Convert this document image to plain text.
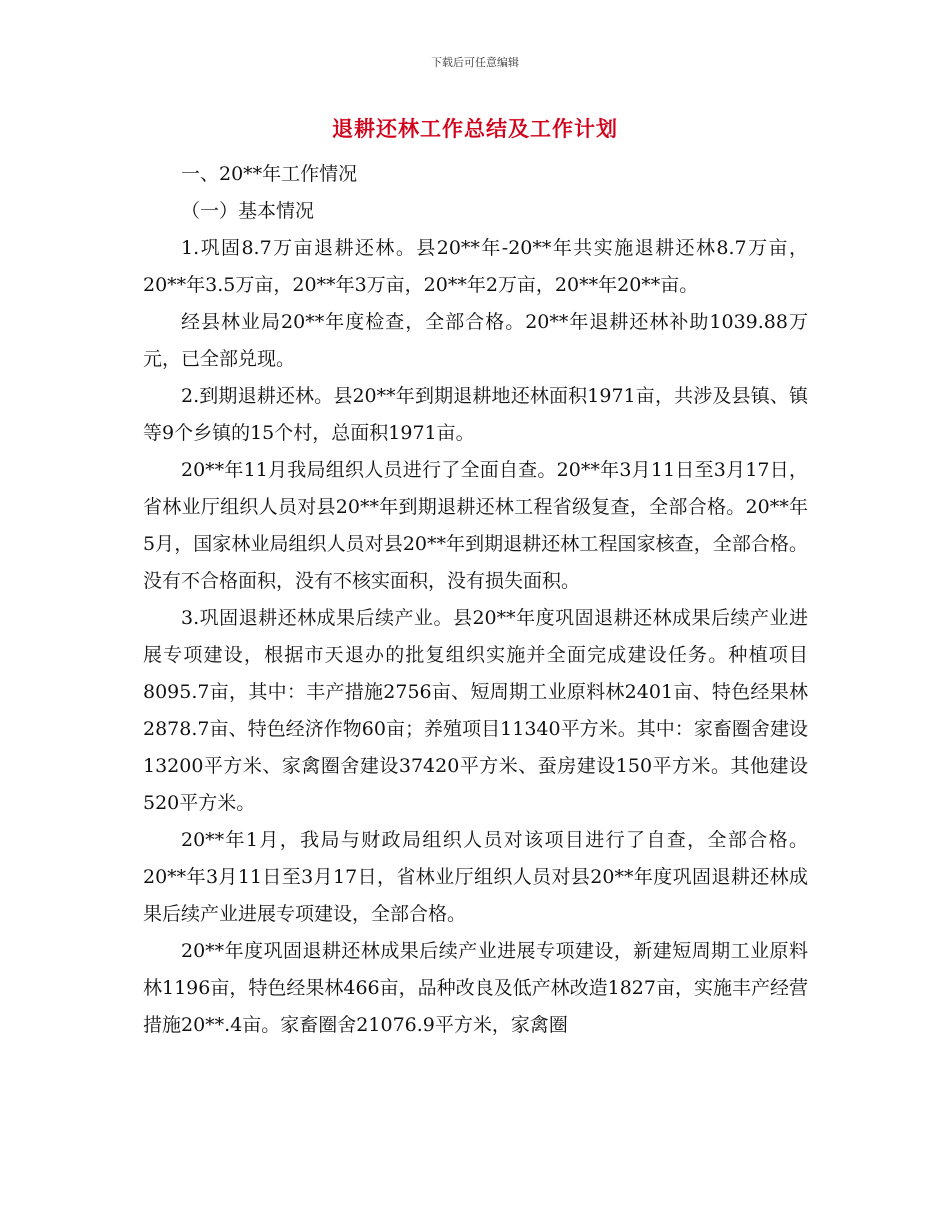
下载后可任意编辑
退耕还林工作总结及工作计划

一、20**年工作情况

（一）基本情况

1.巩固8.7万亩退耕还林。县20**年-20**年共实施退耕还林8.7万亩，20**年3.5万亩，20**年3万亩，20**年2万亩，20**年20**亩。

经县林业局20**年度检查，全部合格。20**年退耕还林补助1039.88万元，已全部兑现。

2.到期退耕还林。县20**年到期退耕地还林面积1971亩，共涉及县镇、镇等9个乡镇的15个村，总面积1971亩。

20**年11月我局组织人员进行了全面自查。20**年3月11日至3月17日，省林业厅组织人员对县20**年到期退耕还林工程省级复查，全部合格。20**年5月，国家林业局组织人员对县20**年到期退耕还林工程国家核查，全部合格。没有不合格面积，没有不核实面积，没有损失面积。

3.巩固退耕还林成果后续产业。县20**年度巩固退耕还林成果后续产业进展专项建设，根据市天退办的批复组织实施并全面完成建设任务。种植项目8095.7亩，其中：丰产措施2756亩、短周期工业原料林2401亩、特色经果林2878.7亩、特色经济作物60亩；养殖项目11340平方米。其中：家畜圈舍建设13200平方米、家禽圈舍建设37420平方米、蚕房建设150平方米。其他建设520平方米。

20**年1月，我局与财政局组织人员对该项目进行了自查，全部合格。20**年3月11日至3月17日，省林业厅组织人员对县20**年度巩固退耕还林成果后续产业进展专项建设，全部合格。

20**年度巩固退耕还林成果后续产业进展专项建设，新建短周期工业原料林1196亩，特色经果林466亩，品种改良及低产林改造1827亩，实施丰产经营措施20**.4亩。家畜圈舍21076.9平方米，家禽圈
